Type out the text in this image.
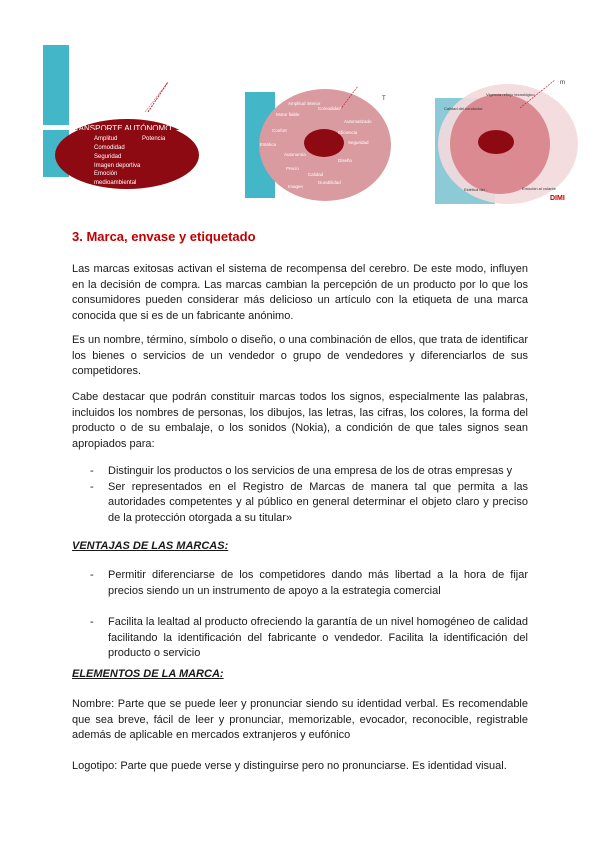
TRANSPORTE AUTÓNOMO
Amplitud	Potencia
Comodidad
Seguridad
Imagen deportiva
Emoción
medioambiental
T
Amplitud interior
Motor fiable
Comodidad
Automatizado
Confort	Eficiencia
Estética	Seguridad
Autonomía
Diseño
Precio
Calidad
Durabilidad
Imagen
m
Vigencia reflejo tecnológico
Calidad del conductor
Estética del ..	Emoción al volante
DIMI
3. Marca, envase y etiquetado

Las marcas exitosas activan el sistema de recompensa del cerebro. De este modo, influyen en la decisión de compra. Las marcas cambian la percepción de un producto por lo que los consumidores pueden considerar más delicioso un artículo con la etiqueta de una marca conocida que si es de un fabricante anónimo.

Es un nombre, término, símbolo o diseño, o una combinación de ellos, que trata de identificar los bienes o servicios de un vendedor o grupo de vendedores y diferenciarlos de sus competidores.

Cabe destacar que podrán constituir marcas todos los signos, especialmente las palabras, incluidos los nombres de personas, los dibujos, las letras, las cifras, los colores, la forma del producto o de su embalaje, o los sonidos (Nokia), a condición de que tales signos sean apropiados para:

- Distinguir los productos o los servicios de una empresa de los de otras empresas y
- Ser representados en el Registro de Marcas de manera tal que permita a las autoridades competentes y al público en general determinar el objeto claro y preciso de la protección otorgada a su titular»

VENTAJAS DE LAS MARCAS:

- Permitir diferenciarse de los competidores dando más libertad a la hora de fijar precios siendo un un instrumento de apoyo a la estrategia comercial
- Facilita la lealtad al producto ofreciendo la garantía de un nivel homogéneo de calidad facilitando la identificación del fabricante o vendedor. Facilita la identificación del producto o servicio

ELEMENTOS DE LA MARCA:

Nombre: Parte que se puede leer y pronunciar siendo su identidad verbal. Es recomendable que sea breve, fácil de leer y pronunciar, memorizable, evocador, reconocible, registrable además de aplicable en mercados extranjeros y eufónico

Logotipo: Parte que puede verse y distinguirse pero no pronunciarse. Es identidad visual.
